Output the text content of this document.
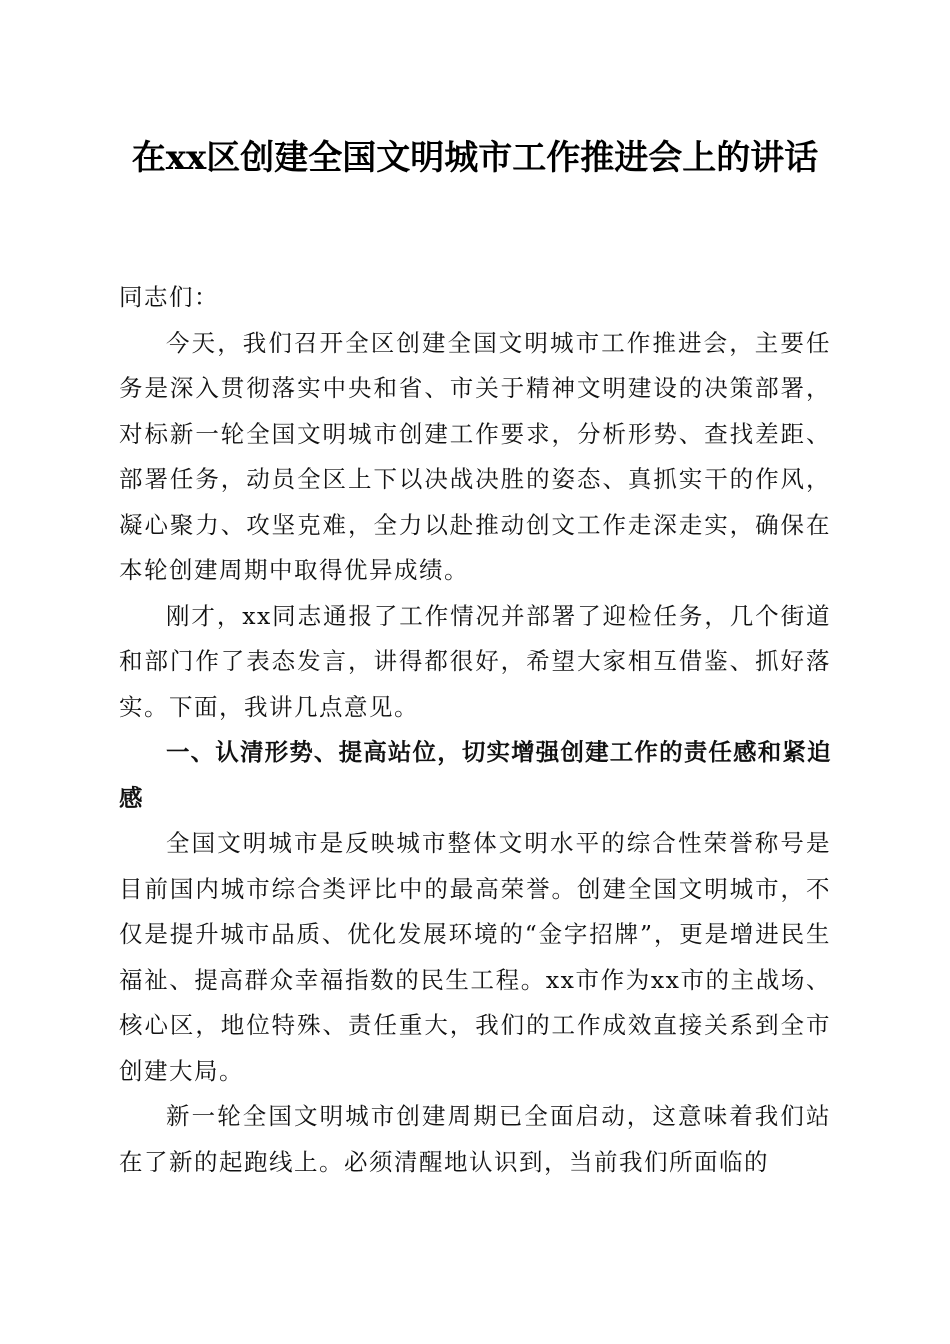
在xx区创建全国文明城市工作推进会上的讲话

同志们：

今天，我们召开全区创建全国文明城市工作推进会，主要任务是深入贯彻落实中央和省、市关于精神文明建设的决策部署，对标新一轮全国文明城市创建工作要求，分析形势、查找差距、部署任务，动员全区上下以决战决胜的姿态、真抓实干的作风，凝心聚力、攻坚克难，全力以赴推动创文工作走深走实，确保在本轮创建周期中取得优异成绩。

刚才，xx同志通报了工作情况并部署了迎检任务，几个街道和部门作了表态发言，讲得都很好，希望大家相互借鉴、抓好落实。下面，我讲几点意见。

一、认清形势、提高站位，切实增强创建工作的责任感和紧迫感

全国文明城市是反映城市整体文明水平的综合性荣誉称号是目前国内城市综合类评比中的最高荣誉。创建全国文明城市，不仅是提升城市品质、优化发展环境的“金字招牌”，更是增进民生福祉、提高群众幸福指数的民生工程。xx市作为xx市的主战场、核心区，地位特殊、责任重大，我们的工作成效直接关系到全市创建大局。

新一轮全国文明城市创建周期已全面启动，这意味着我们站在了新的起跑线上。必须清醒地认识到，当前我们所面临的
